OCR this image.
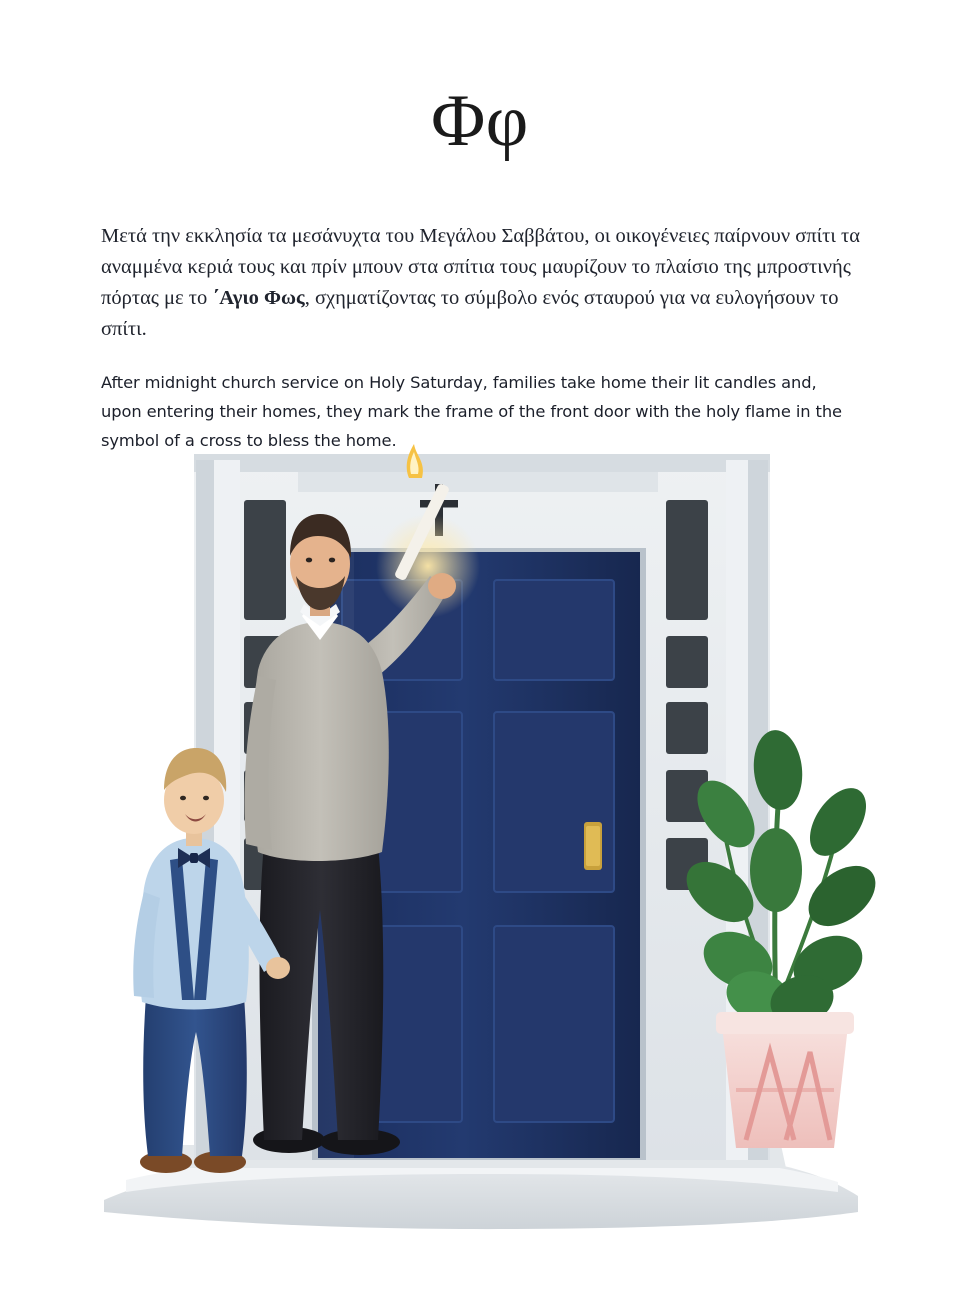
Φφ

Μετά την εκκλησία τα μεσάνυχτα του Μεγάλου Σαββάτου, οι οικογένειες παίρνουν σπίτι τα αναμμένα κεριά τους και πρίν μπουν στα σπίτια τους μαυρίζουν το πλαίσιο της μπροστινής πόρτας με το ΄Αγιο Φως, σχηματίζοντας το σύμβολο ενός σταυρού για να ευλογήσουν το σπίτι.

After midnight church service on Holy Saturday, families take home their lit candles and, upon entering their homes, they mark the frame of the front door with the holy flame in the symbol of a cross to bless the home.
